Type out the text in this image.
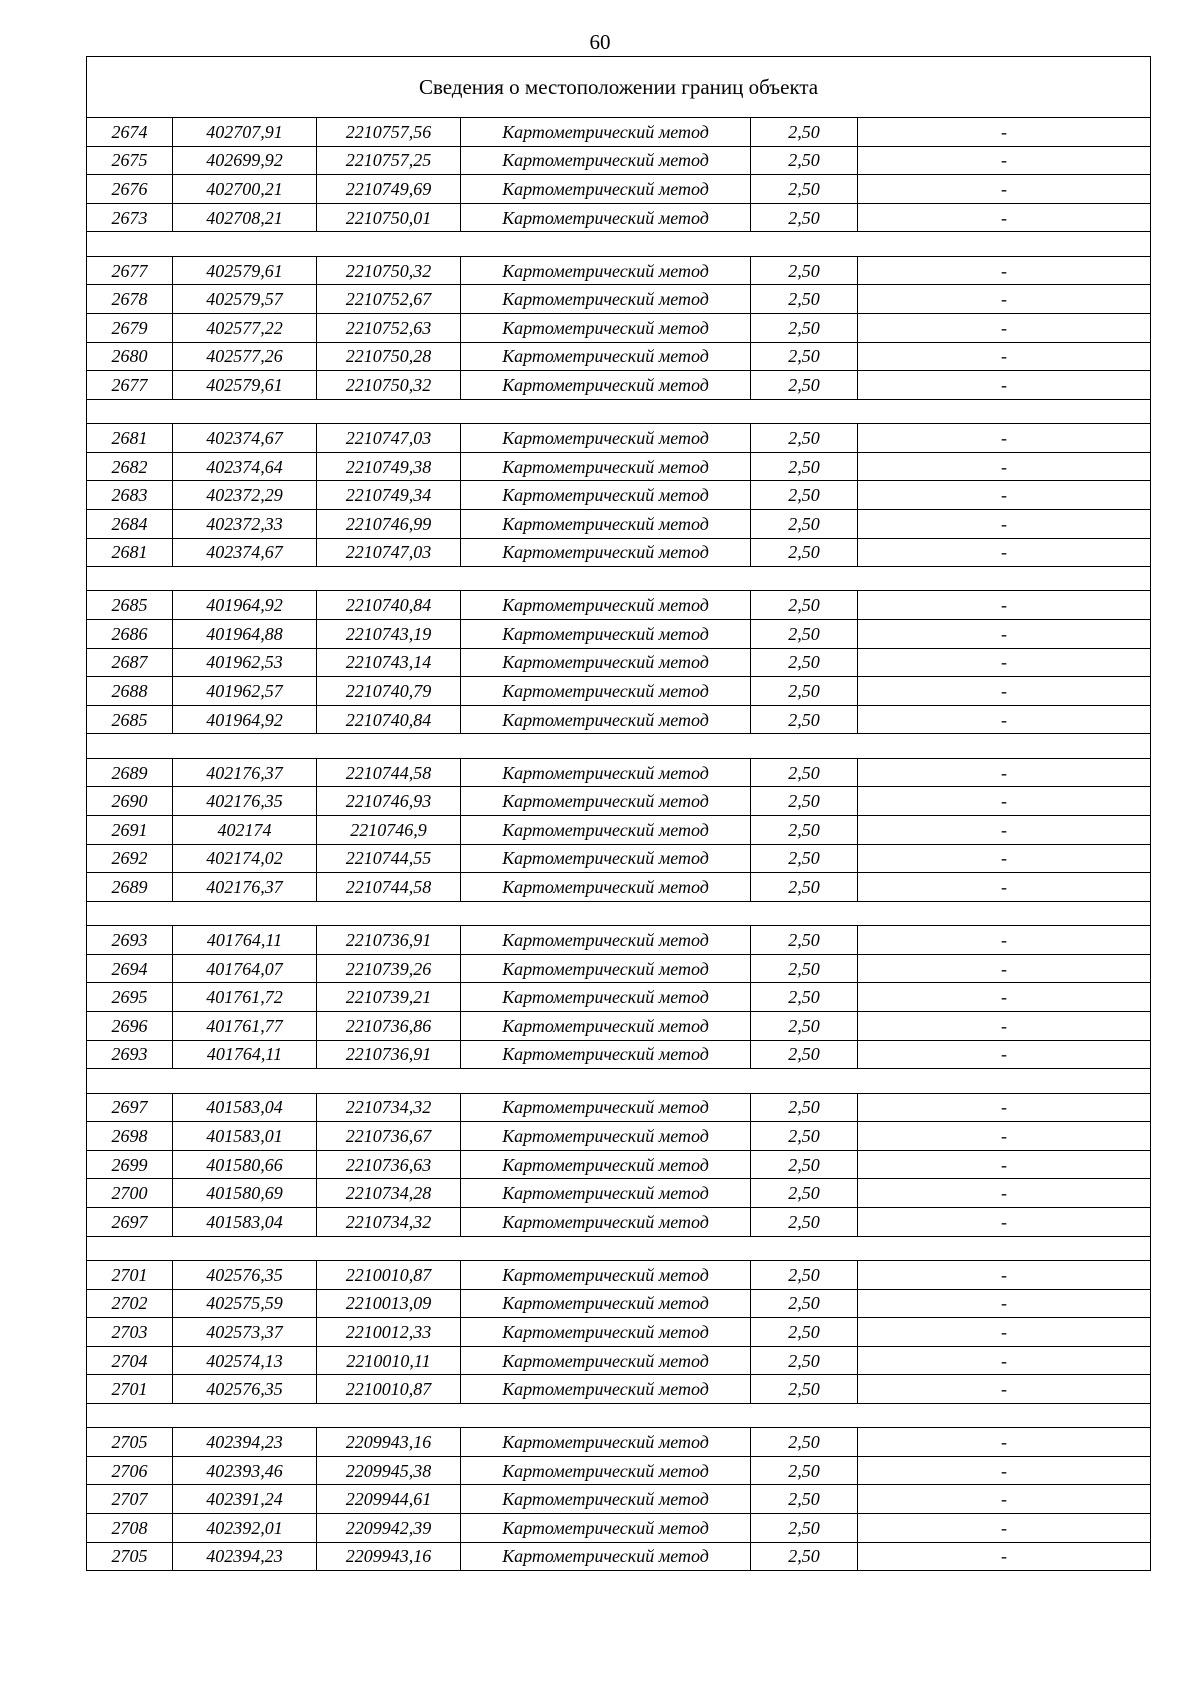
60
Сведения о местоположении границ объекта					
2674	402707,91	2210757,56	Картометрический метод	2,50	-
2675	402699,92	2210757,25	Картометрический метод	2,50	-
2676	402700,21	2210749,69	Картометрический метод	2,50	-
2673	402708,21	2210750,01	Картометрический метод	2,50	-

2677	402579,61	2210750,32	Картометрический метод	2,50	-
2678	402579,57	2210752,67	Картометрический метод	2,50	-
2679	402577,22	2210752,63	Картометрический метод	2,50	-
2680	402577,26	2210750,28	Картометрический метод	2,50	-
2677	402579,61	2210750,32	Картометрический метод	2,50	-

2681	402374,67	2210747,03	Картометрический метод	2,50	-
2682	402374,64	2210749,38	Картометрический метод	2,50	-
2683	402372,29	2210749,34	Картометрический метод	2,50	-
2684	402372,33	2210746,99	Картометрический метод	2,50	-
2681	402374,67	2210747,03	Картометрический метод	2,50	-

2685	401964,92	2210740,84	Картометрический метод	2,50	-
2686	401964,88	2210743,19	Картометрический метод	2,50	-
2687	401962,53	2210743,14	Картометрический метод	2,50	-
2688	401962,57	2210740,79	Картометрический метод	2,50	-
2685	401964,92	2210740,84	Картометрический метод	2,50	-

2689	402176,37	2210744,58	Картометрический метод	2,50	-
2690	402176,35	2210746,93	Картометрический метод	2,50	-
2691	402174	2210746,9	Картометрический метод	2,50	-
2692	402174,02	2210744,55	Картометрический метод	2,50	-
2689	402176,37	2210744,58	Картометрический метод	2,50	-

2693	401764,11	2210736,91	Картометрический метод	2,50	-
2694	401764,07	2210739,26	Картометрический метод	2,50	-
2695	401761,72	2210739,21	Картометрический метод	2,50	-
2696	401761,77	2210736,86	Картометрический метод	2,50	-
2693	401764,11	2210736,91	Картометрический метод	2,50	-

2697	401583,04	2210734,32	Картометрический метод	2,50	-
2698	401583,01	2210736,67	Картометрический метод	2,50	-
2699	401580,66	2210736,63	Картометрический метод	2,50	-
2700	401580,69	2210734,28	Картометрический метод	2,50	-
2697	401583,04	2210734,32	Картометрический метод	2,50	-

2701	402576,35	2210010,87	Картометрический метод	2,50	-
2702	402575,59	2210013,09	Картометрический метод	2,50	-
2703	402573,37	2210012,33	Картометрический метод	2,50	-
2704	402574,13	2210010,11	Картометрический метод	2,50	-
2701	402576,35	2210010,87	Картометрический метод	2,50	-

2705	402394,23	2209943,16	Картометрический метод	2,50	-
2706	402393,46	2209945,38	Картометрический метод	2,50	-
2707	402391,24	2209944,61	Картометрический метод	2,50	-
2708	402392,01	2209942,39	Картометрический метод	2,50	-
2705	402394,23	2209943,16	Картометрический метод	2,50	-
